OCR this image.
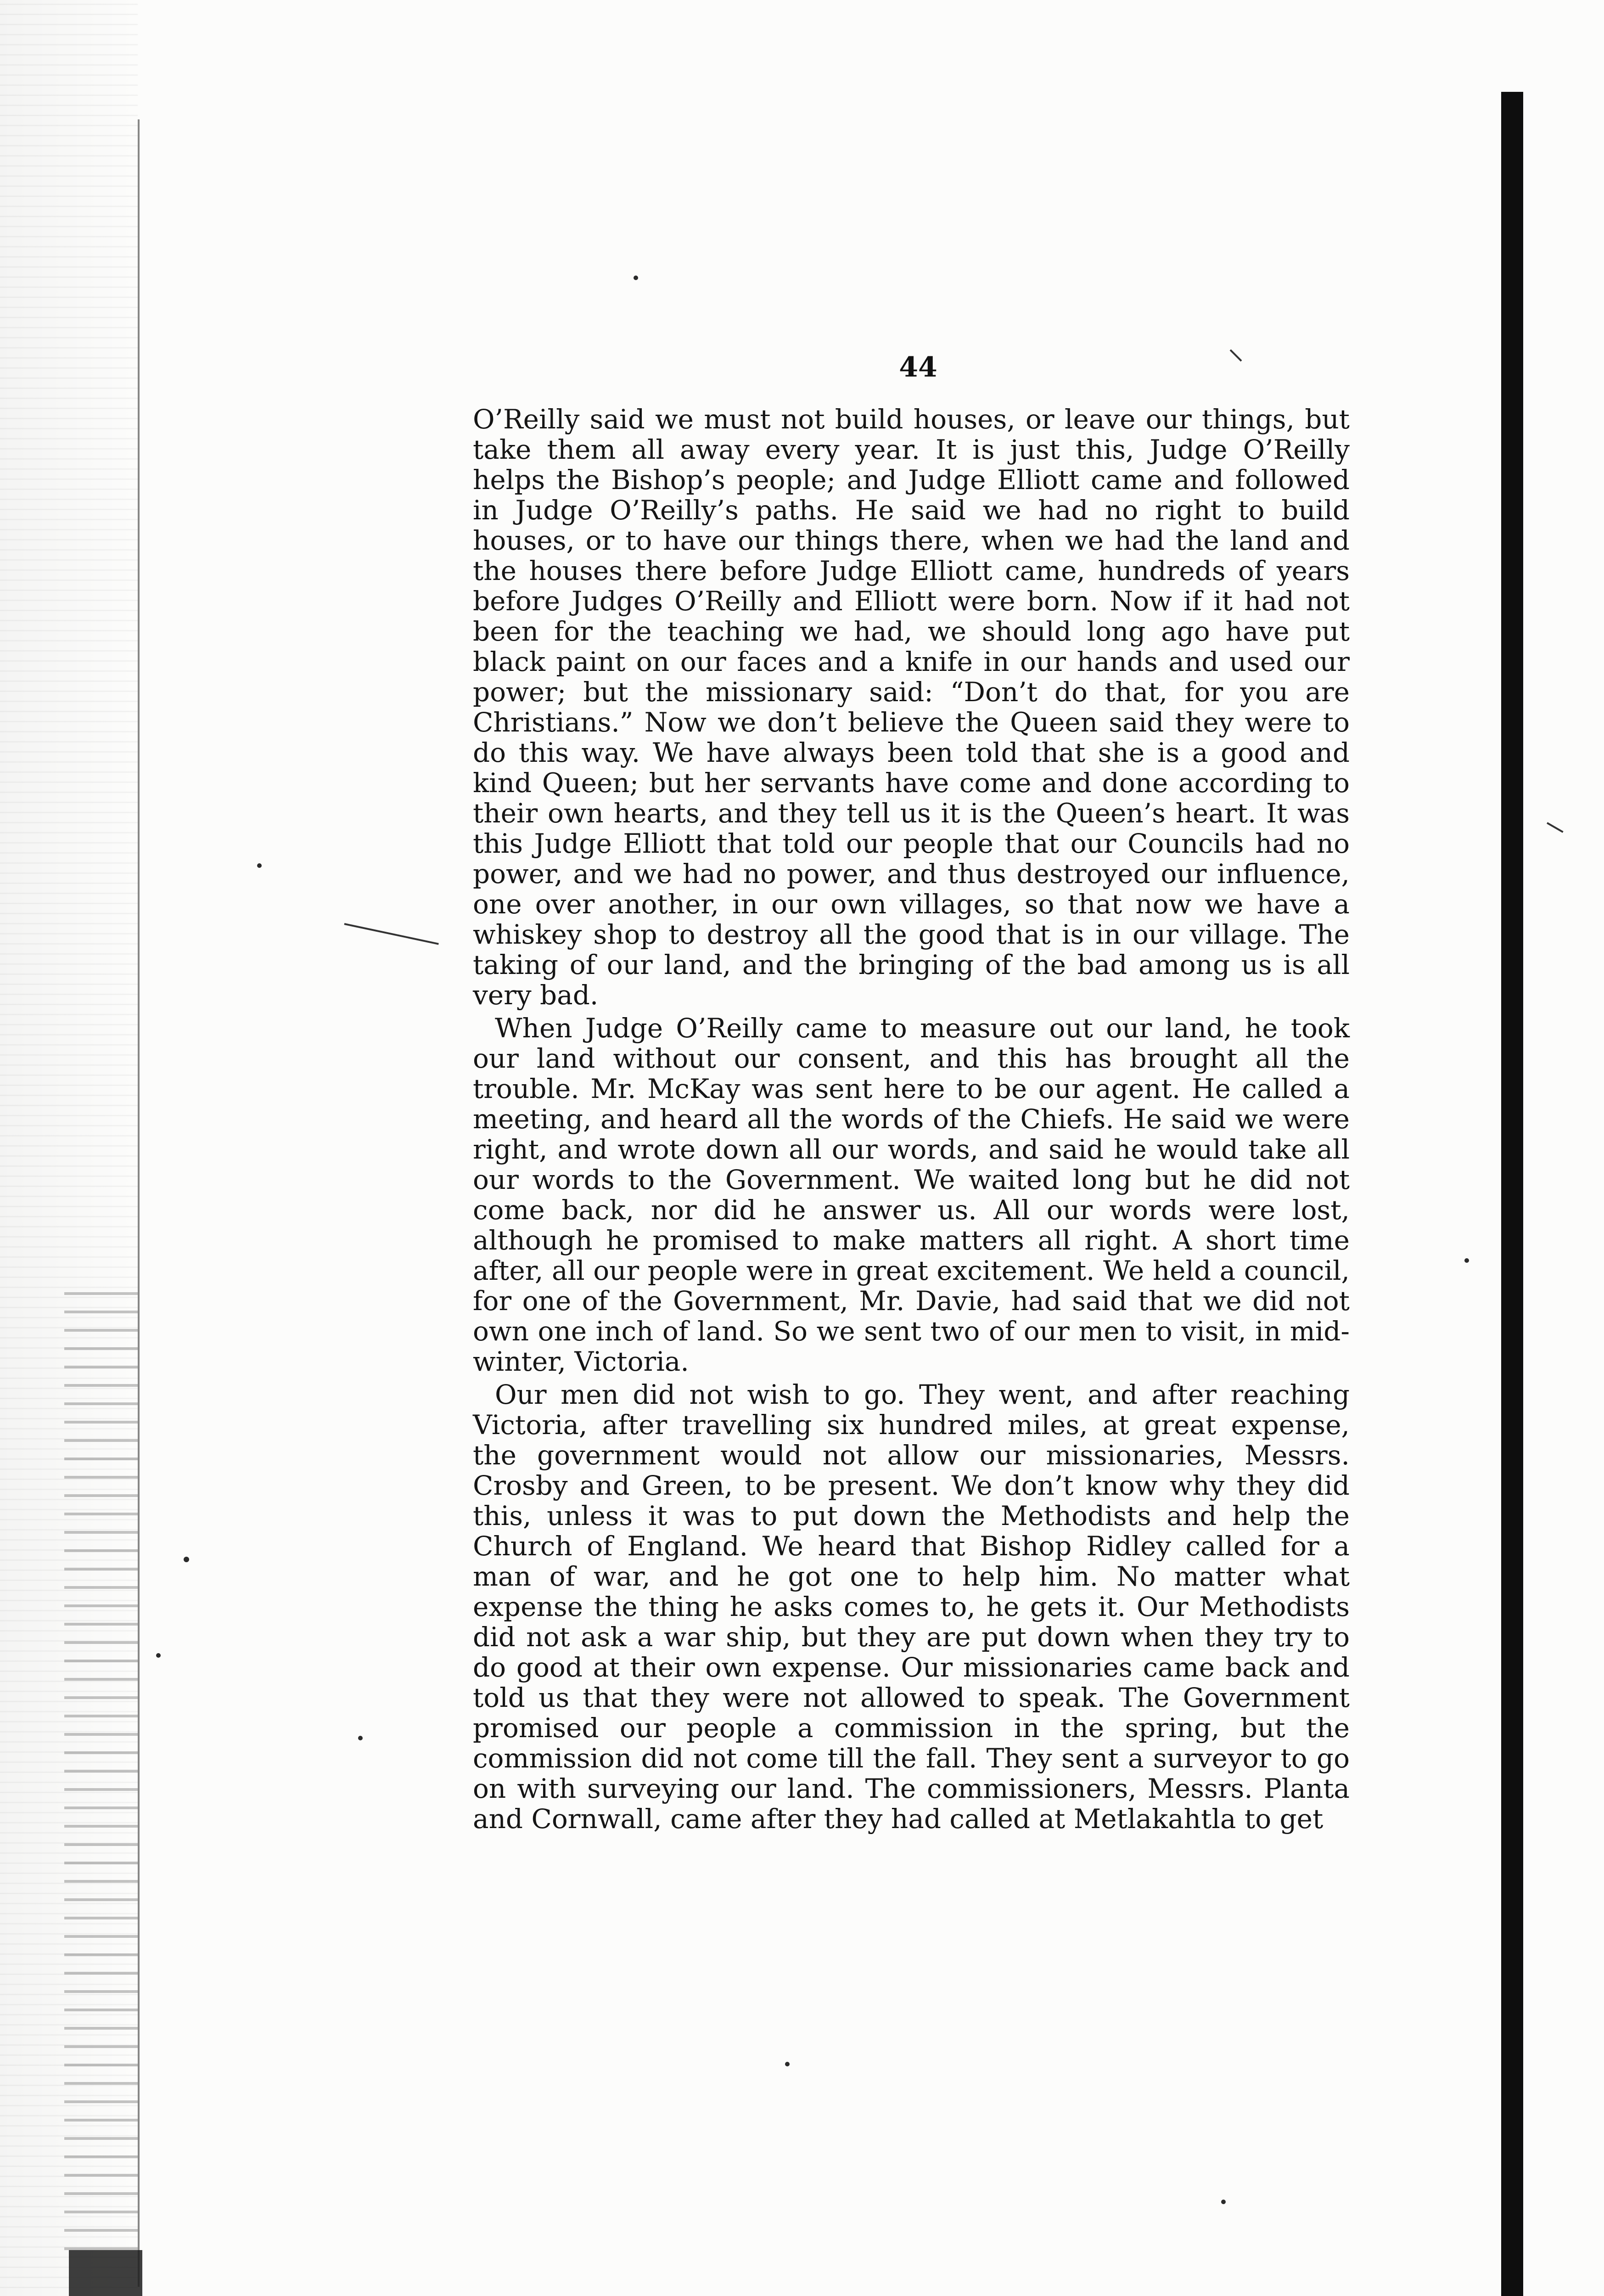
44

O’Reilly said we must not build houses, or leave our things, but take them all away every year. It is just this, Judge O’Reilly helps the Bishop’s people; and Judge Elliott came and followed in Judge O’Reilly’s paths. He said we had no right to build houses, or to have our things there, when we had the land and the houses there before Judge Elliott came, hundreds of years before Judges O’Reilly and Elliott were born. Now if it had not been for the teaching we had, we should long ago have put black paint on our faces and a knife in our hands and used our power; but the missionary said: “Don’t do that, for you are Christians.” Now we don’t believe the Queen said they were to do this way. We have always been told that she is a good and kind Queen; but her servants have come and done according to their own hearts, and they tell us it is the Queen’s heart. It was this Judge Elliott that told our people that our Councils had no power, and we had no power, and thus destroyed our influence, one over another, in our own villages, so that now we have a whiskey shop to destroy all the good that is in our village. The taking of our land, and the bringing of the bad among us is all very bad.

When Judge O’Reilly came to measure out our land, he took our land without our consent, and this has brought all the trouble. Mr. McKay was sent here to be our agent. He called a meeting, and heard all the words of the Chiefs. He said we were right, and wrote down all our words, and said he would take all our words to the Government. We waited long but he did not come back, nor did he answer us. All our words were lost, although he promised to make matters all right. A short time after, all our people were in great excitement. We held a council, for one of the Government, Mr. Davie, had said that we did not own one inch of land. So we sent two of our men to visit, in mid-winter, Victoria.

Our men did not wish to go. They went, and after reaching Victoria, after travelling six hundred miles, at great expense, the government would not allow our missionaries, Messrs. Crosby and Green, to be present. We don’t know why they did this, unless it was to put down the Methodists and help the Church of England. We heard that Bishop Ridley called for a man of war, and he got one to help him. No matter what expense the thing he asks comes to, he gets it. Our Methodists did not ask a war ship, but they are put down when they try to do good at their own expense. Our missionaries came back and told us that they were not allowed to speak. The Government promised our people a commission in the spring, but the commission did not come till the fall. They sent a surveyor to go on with surveying our land. The commissioners, Messrs. Planta and Cornwall, came after they had called at Metlakahtla to get
